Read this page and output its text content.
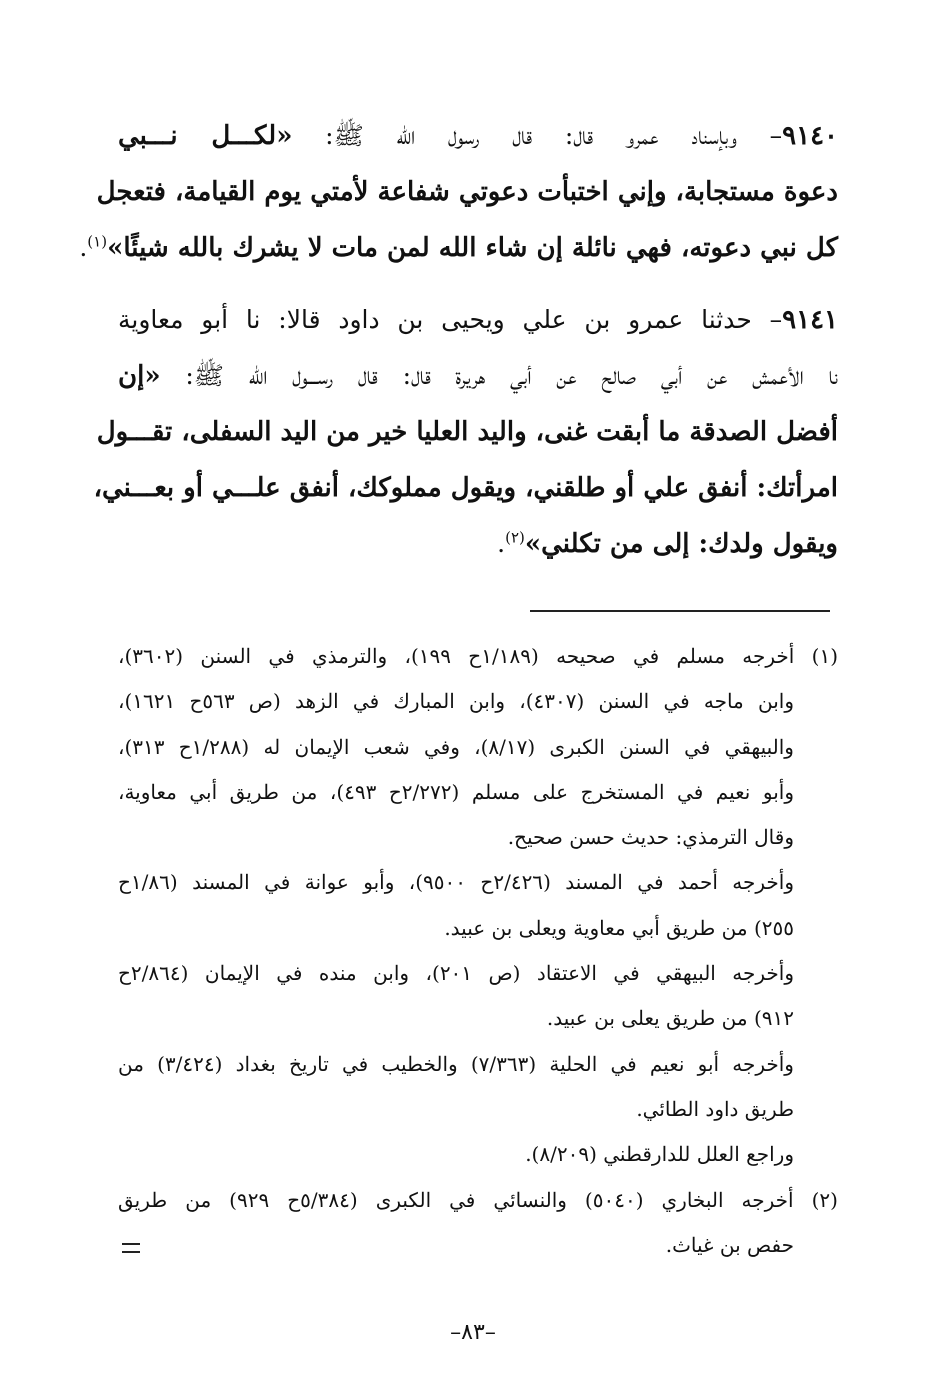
٩١٤٠– وبإسناد عمرو قال: قال رسول الله ﷺ: «لكـــل نـــبي
دعوة مستجابة، وإني اختبأت دعوتي شفاعة لأمتي يوم القيامة، فتعجل
كل نبي دعوته، فهي نائلة إن شاء الله لمن مات لا يشرك بالله شيئًا»$^{(١)}$.
٩١٤١– حدثنا عمرو بن علي ويحيى بن داود قالا: نا أبو معاوية
نا الأعمش عن أبي صالح عن أبي هريرة قال: قال رســـول الله ﷺ: «إن
أفضل الصدقة ما أبقت غنى، واليد العليا خير من اليد السفلى، تقـــول
امرأتك: أنفق علي أو طلقني، ويقول مملوكك، أنفق علـــي أو بعـــني،
ويقول ولدك: إلى من تكلني»$^{(٢)}$.
(١) أخرجه مسلم في صحيحه (١/١٨٩ح ١٩٩)، والترمذي في السنن (٣٦٠٢)،
وابن ماجه في السنن (٤٣٠٧)، وابن المبارك في الزهد (ص ٥٦٣ح ١٦٢١)،
والبيهقي في السنن الكبرى (٨/١٧)، وفي شعب الإيمان له (١/٢٨٨ح ٣١٣)،
وأبو نعيم في المستخرج على مسلم (٢/٢٧٢ح ٤٩٣)، من طريق أبي معاوية،
وقال الترمذي: حديث حسن صحيح.
وأخرجه أحمد في المسند (٢/٤٢٦ح ٩٥٠٠)، وأبو عوانة في المسند (١/٨٦ح
٢٥٥) من طريق أبي معاوية ويعلى بن عبيد.
وأخرجه البيهقي في الاعتقاد (ص ٢٠١)، وابن منده في الإيمان (٢/٨٦٤ح
٩١٢) من طريق يعلى بن عبيد.
وأخرجه أبو نعيم في الحلية (٧/٣٦٣) والخطيب في تاريخ بغداد (٣/٤٢٤) من
طريق داود الطائي.
وراجع العلل للدارقطني (٨/٢٠٩).
(٢) أخرجه البخاري (٥٠٤٠) والنسائي في الكبرى (٥/٣٨٤ح ٩٢٩) من طريق
حفص بن غياث.
–٨٣–
